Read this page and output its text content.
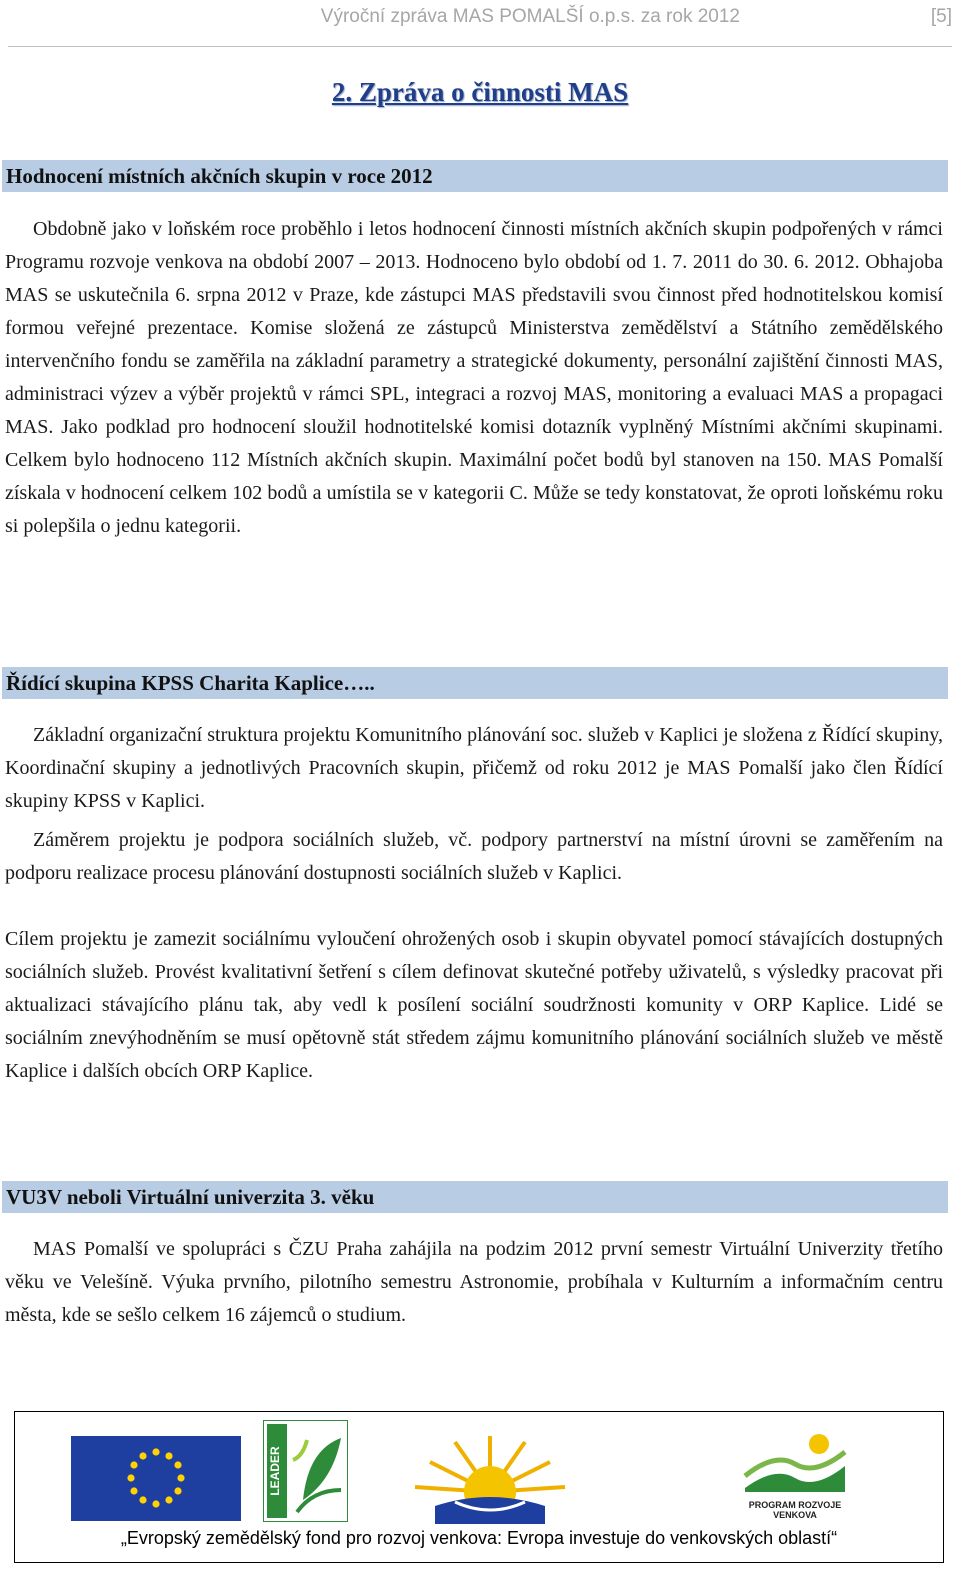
Výroční zpráva MAS POMALŠÍ o.p.s. za rok 2012	[5]
2. Zpráva o činnosti MAS
Hodnocení místních akčních skupin v roce 2012

Obdobně jako v loňském roce proběhlo i letos hodnocení činnosti místních akčních skupin podpořených v rámci Programu rozvoje venkova na období 2007 – 2013. Hodnoceno bylo období od 1. 7. 2011 do 30. 6. 2012. Obhajoba MAS se uskutečnila 6. srpna 2012 v Praze, kde zástupci MAS představili svou činnost před hodnotitelskou komisí formou veřejné prezentace. Komise složená ze zástupců Ministerstva zemědělství a Státního zemědělského intervenčního fondu se zaměřila na základní parametry a strategické dokumenty, personální zajištění činnosti MAS, administraci výzev a výběr projektů v rámci SPL, integraci a rozvoj MAS, monitoring a evaluaci MAS a propagaci MAS. Jako podklad pro hodnocení sloužil hodnotitelské komisi dotazník vyplněný Místními akčními skupinami. Celkem bylo hodnoceno 112 Místních akčních skupin. Maximální počet bodů byl stanoven na 150. MAS Pomalší získala v hodnocení celkem 102 bodů a umístila se v kategorii C. Může se tedy konstatovat, že oproti loňskému roku si polepšila o jednu kategorii.

Řídící skupina KPSS Charita Kaplice…..

Základní organizační struktura projektu Komunitního plánování soc. služeb v Kaplici je složena z Řídící skupiny, Koordinační skupiny a jednotlivých Pracovních skupin, přičemž od roku 2012 je MAS Pomalší jako člen Řídící skupiny KPSS v Kaplici.

Záměrem projektu je podpora sociálních služeb, vč. podpory partnerství na místní úrovni se zaměřením na podporu realizace procesu plánování dostupnosti sociálních služeb v Kaplici.

Cílem projektu je zamezit sociálnímu vyloučení ohrožených osob i skupin obyvatel pomocí stávajících dostupných sociálních služeb. Provést kvalitativní šetření s cílem definovat skutečné potřeby uživatelů, s výsledky pracovat při aktualizaci stávajícího plánu tak, aby vedl k posílení sociální soudržnosti komunity v ORP Kaplice. Lidé se sociálním znevýhodněním se musí opětovně stát středem zájmu komunitního plánování sociálních služeb ve městě Kaplice i dalších obcích ORP Kaplice.

VU3V neboli Virtuální univerzita 3. věku

MAS Pomalší ve spolupráci s ČZU Praha zahájila na podzim 2012 první semestr Virtuální Univerzity třetího věku ve Velešíně. Výuka prvního, pilotního semestru Astronomie, probíhala v Kulturním a informačním centru města, kde se sešlo celkem 16 zájemců o studium.

LEADER
PROGRAM ROZVOJE VENKOVA
„Evropský zemědělský fond pro rozvoj venkova: Evropa investuje do venkovských oblastí“
